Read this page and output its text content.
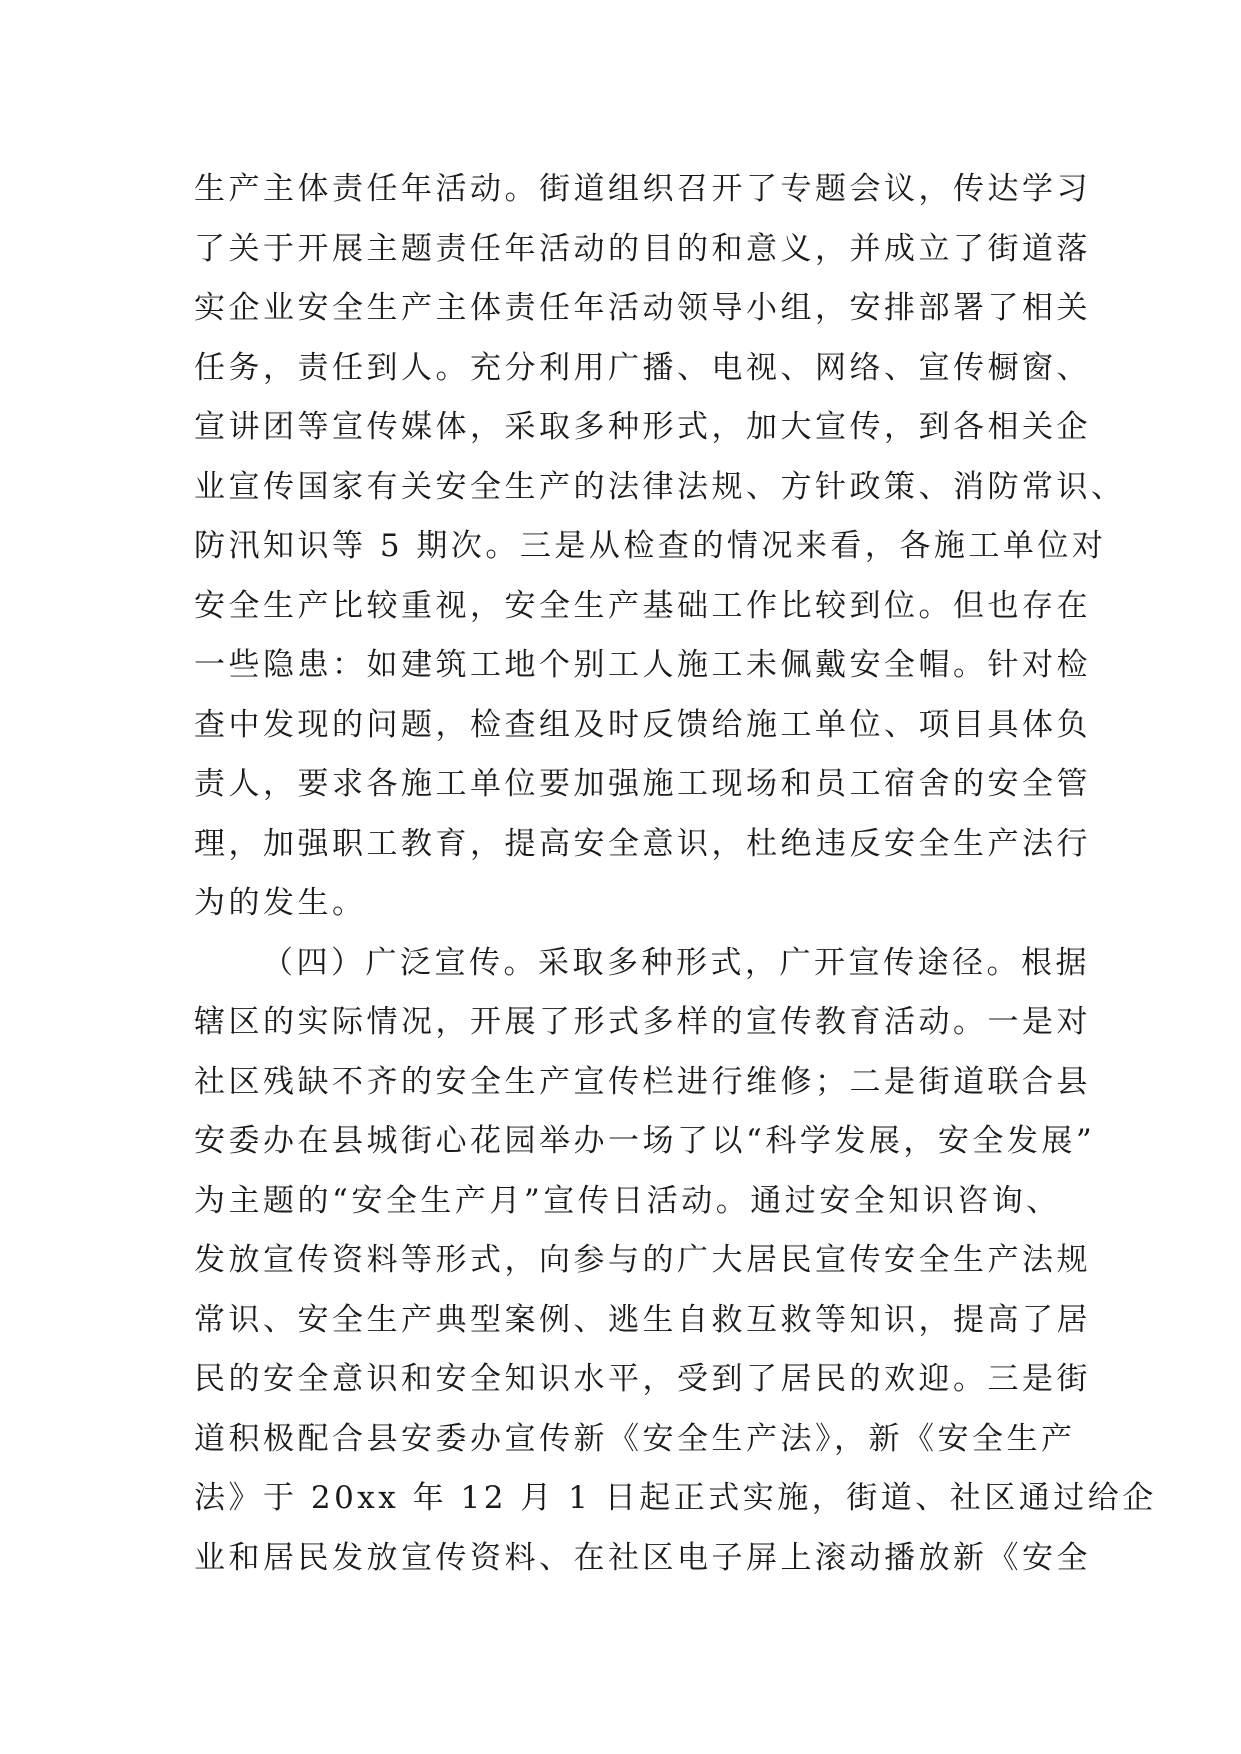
生产主体责任年活动。街道组织召开了专题会议，传达学习

了关于开展主题责任年活动的目的和意义，并成立了街道落

实企业安全生产主体责任年活动领导小组，安排部署了相关

任务，责任到人。充分利用广播、电视、网络、宣传橱窗、

宣讲团等宣传媒体，采取多种形式，加大宣传，到各相关企

业宣传国家有关安全生产的法律法规、方针政策、消防常识、

防汛知识等 5 期次。三是从检查的情况来看，各施工单位对

安全生产比较重视，安全生产基础工作比较到位。但也存在

一些隐患：如建筑工地个别工人施工未佩戴安全帽。针对检

查中发现的问题，检查组及时反馈给施工单位、项目具体负

责人，要求各施工单位要加强施工现场和员工宿舍的安全管

理，加强职工教育，提高安全意识，杜绝违反安全生产法行

为的发生。

（四）广泛宣传。采取多种形式，广开宣传途径。根据

辖区的实际情况，开展了形式多样的宣传教育活动。一是对

社区残缺不齐的安全生产宣传栏进行维修；二是街道联合县

安委办在县城街心花园举办一场了以“科学发展，安全发展”

为主题的“安全生产月”宣传日活动。通过安全知识咨询、

发放宣传资料等形式，向参与的广大居民宣传安全生产法规

常识、安全生产典型案例、逃生自救互救等知识，提高了居

民的安全意识和安全知识水平，受到了居民的欢迎。三是街

道积极配合县安委办宣传新《安全生产法》，新《安全生产

法》于 20xx 年 12 月 1 日起正式实施，街道、社区通过给企

业和居民发放宣传资料、在社区电子屏上滚动播放新《安全
